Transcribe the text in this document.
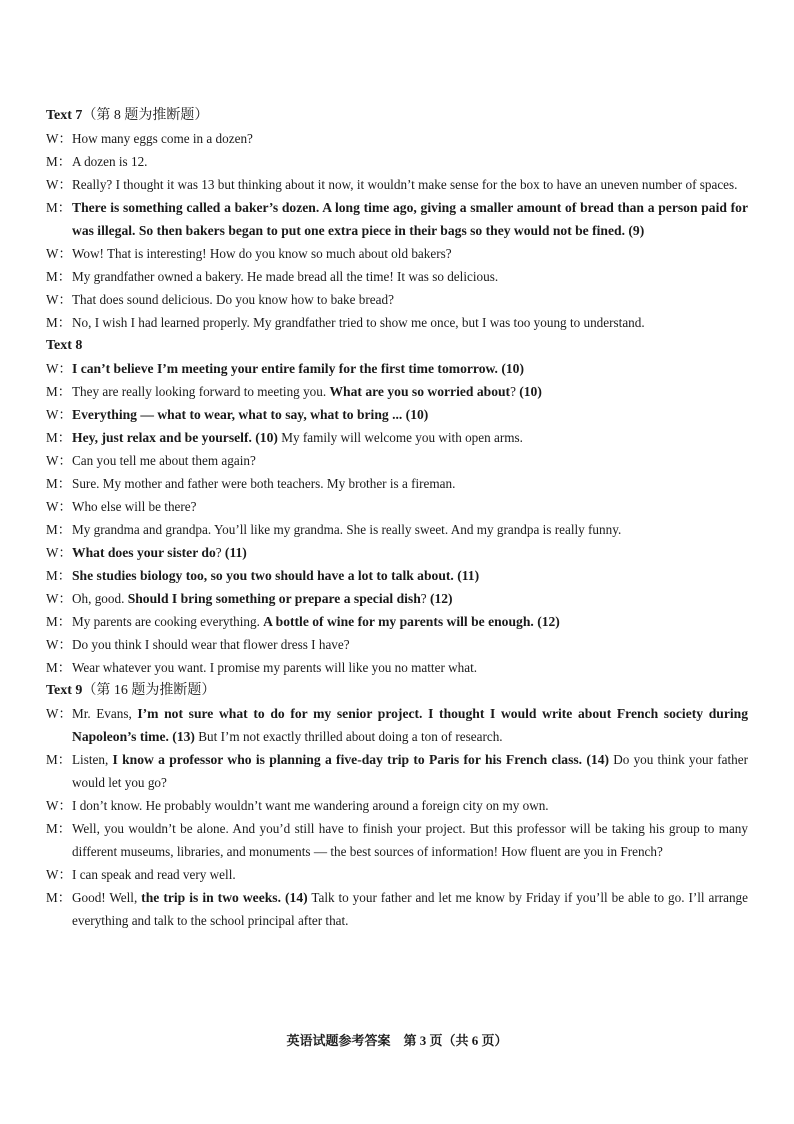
Text 7（第 8 题为推断题）
W： How many eggs come in a dozen?
M： A dozen is 12.
W： Really? I thought it was 13 but thinking about it now, it wouldn’t make sense for the box to have an uneven number of spaces.
M： There is something called a baker’s dozen. A long time ago, giving a smaller amount of bread than a person paid for was illegal. So then bakers began to put one extra piece in their bags so they would not be fined. (9)
W： Wow! That is interesting! How do you know so much about old bakers?
M： My grandfather owned a bakery. He made bread all the time! It was so delicious.
W： That does sound delicious. Do you know how to bake bread?
M： No, I wish I had learned properly. My grandfather tried to show me once, but I was too young to understand.
Text 8
W： I can’t believe I’m meeting your entire family for the first time tomorrow. (10)
M： They are really looking forward to meeting you. What are you so worried about? (10)
W： Everything — what to wear, what to say, what to bring ... (10)
M： Hey, just relax and be yourself. (10) My family will welcome you with open arms.
W： Can you tell me about them again?
M： Sure. My mother and father were both teachers. My brother is a fireman.
W： Who else will be there?
M： My grandma and grandpa. You’ll like my grandma. She is really sweet. And my grandpa is really funny.
W： What does your sister do? (11)
M： She studies biology too, so you two should have a lot to talk about. (11)
W： Oh, good. Should I bring something or prepare a special dish? (12)
M： My parents are cooking everything. A bottle of wine for my parents will be enough. (12)
W： Do you think I should wear that flower dress I have?
M： Wear whatever you want. I promise my parents will like you no matter what.
Text 9（第 16 题为推断题）
W： Mr. Evans, I’m not sure what to do for my senior project. I thought I would write about French society during Napoleon’s time. (13) But I’m not exactly thrilled about doing a ton of research.
M： Listen, I know a professor who is planning a five-day trip to Paris for his French class. (14) Do you think your father would let you go?
W： I don’t know. He probably wouldn’t want me wandering around a foreign city on my own.
M： Well, you wouldn’t be alone. And you’d still have to finish your project. But this professor will be taking his group to many different museums, libraries, and monuments — the best sources of information! How fluent are you in French?
W： I can speak and read very well.
M： Good! Well, the trip is in two weeks. (14) Talk to your father and let me know by Friday if you’ll be able to go. I’ll arrange everything and talk to the school principal after that.
英语试题参考答案　第 3 页（共 6 页）
